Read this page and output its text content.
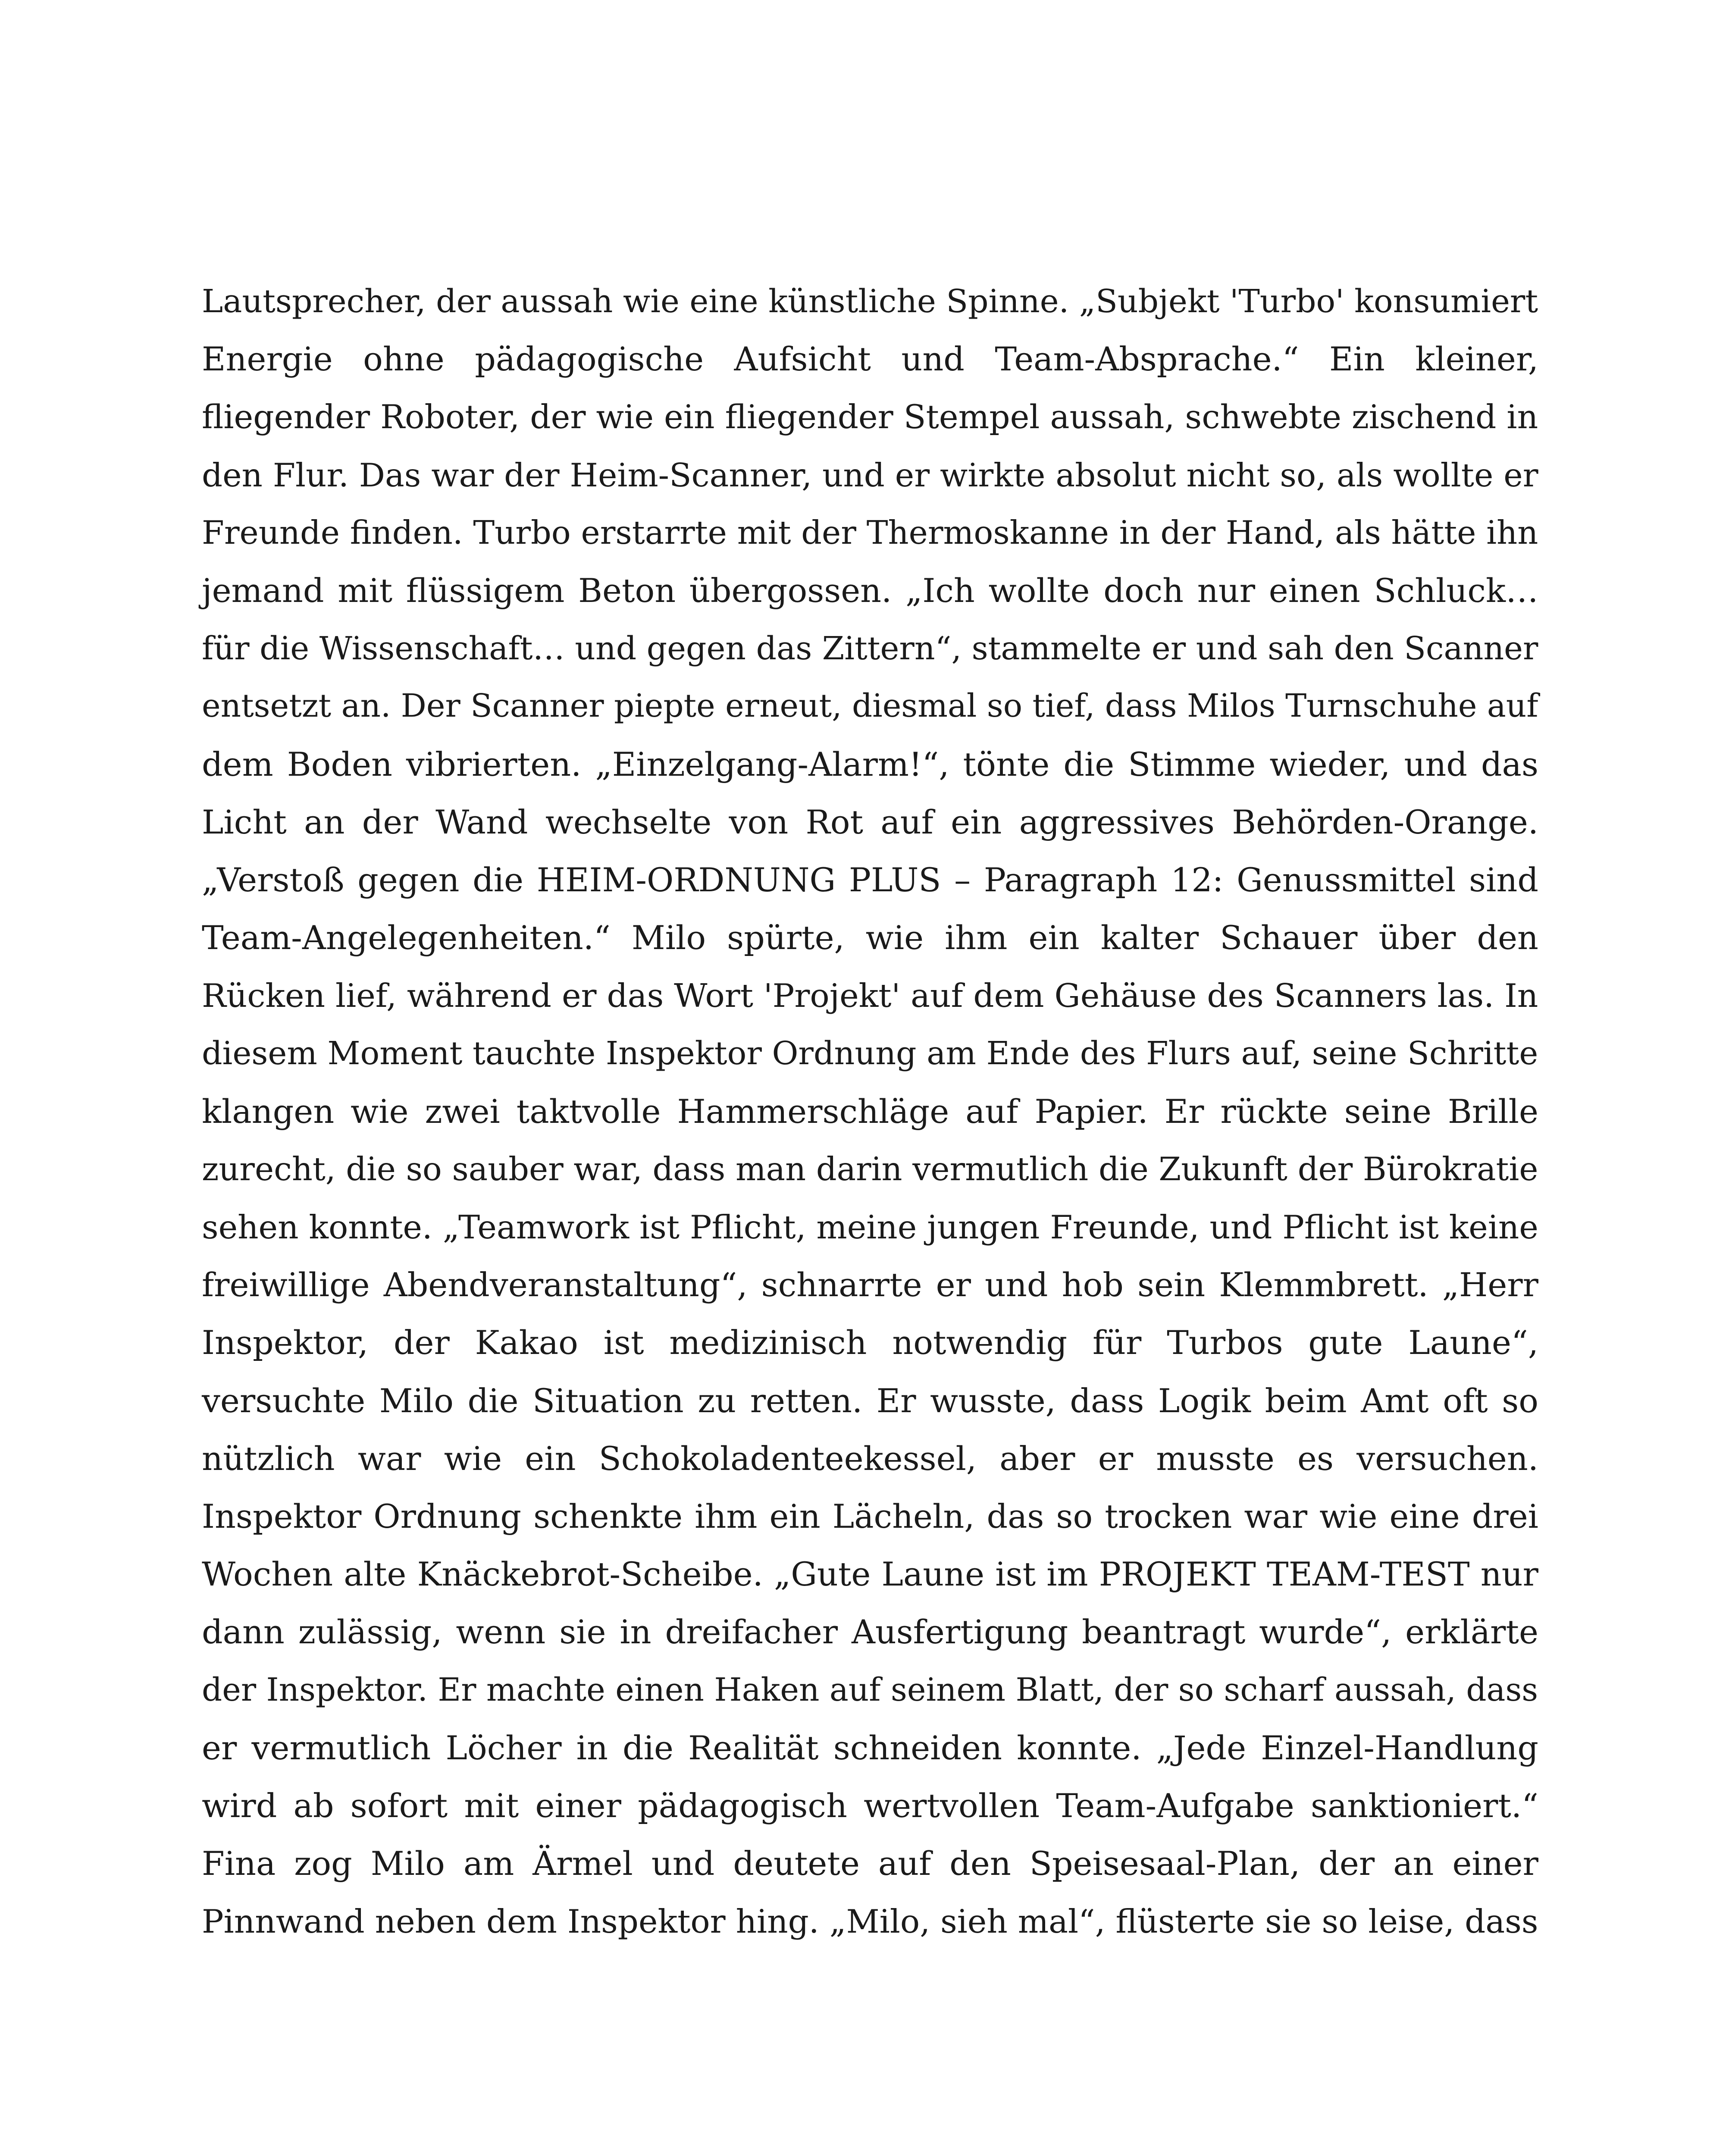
Lautsprecher, der aussah wie eine künstliche Spinne. „Subjekt 'Turbo' konsumiert
Energie ohne pädagogische Aufsicht und Team-Absprache.“ Ein kleiner,
fliegender Roboter, der wie ein fliegender Stempel aussah, schwebte zischend in
den Flur. Das war der Heim-Scanner, und er wirkte absolut nicht so, als wollte er
Freunde finden. Turbo erstarrte mit der Thermoskanne in der Hand, als hätte ihn
jemand mit flüssigem Beton übergossen. „Ich wollte doch nur einen Schluck…
für die Wissenschaft… und gegen das Zittern“, stammelte er und sah den Scanner
entsetzt an. Der Scanner piepte erneut, diesmal so tief, dass Milos Turnschuhe auf
dem Boden vibrierten. „Einzelgang-Alarm!“, tönte die Stimme wieder, und das
Licht an der Wand wechselte von Rot auf ein aggressives Behörden-Orange.
„Verstoß gegen die HEIM-ORDNUNG PLUS – Paragraph 12: Genussmittel sind
Team-Angelegenheiten.“ Milo spürte, wie ihm ein kalter Schauer über den
Rücken lief, während er das Wort 'Projekt' auf dem Gehäuse des Scanners las. In
diesem Moment tauchte Inspektor Ordnung am Ende des Flurs auf, seine Schritte
klangen wie zwei taktvolle Hammerschläge auf Papier. Er rückte seine Brille
zurecht, die so sauber war, dass man darin vermutlich die Zukunft der Bürokratie
sehen konnte. „Teamwork ist Pflicht, meine jungen Freunde, und Pflicht ist keine
freiwillige Abendveranstaltung“, schnarrte er und hob sein Klemmbrett. „Herr
Inspektor, der Kakao ist medizinisch notwendig für Turbos gute Laune“,
versuchte Milo die Situation zu retten. Er wusste, dass Logik beim Amt oft so
nützlich war wie ein Schokoladenteekessel, aber er musste es versuchen.
Inspektor Ordnung schenkte ihm ein Lächeln, das so trocken war wie eine drei
Wochen alte Knäckebrot-Scheibe. „Gute Laune ist im PROJEKT TEAM-TEST nur
dann zulässig, wenn sie in dreifacher Ausfertigung beantragt wurde“, erklärte
der Inspektor. Er machte einen Haken auf seinem Blatt, der so scharf aussah, dass
er vermutlich Löcher in die Realität schneiden konnte. „Jede Einzel-Handlung
wird ab sofort mit einer pädagogisch wertvollen Team-Aufgabe sanktioniert.“
Fina zog Milo am Ärmel und deutete auf den Speisesaal-Plan, der an einer
Pinnwand neben dem Inspektor hing. „Milo, sieh mal“, flüsterte sie so leise, dass
